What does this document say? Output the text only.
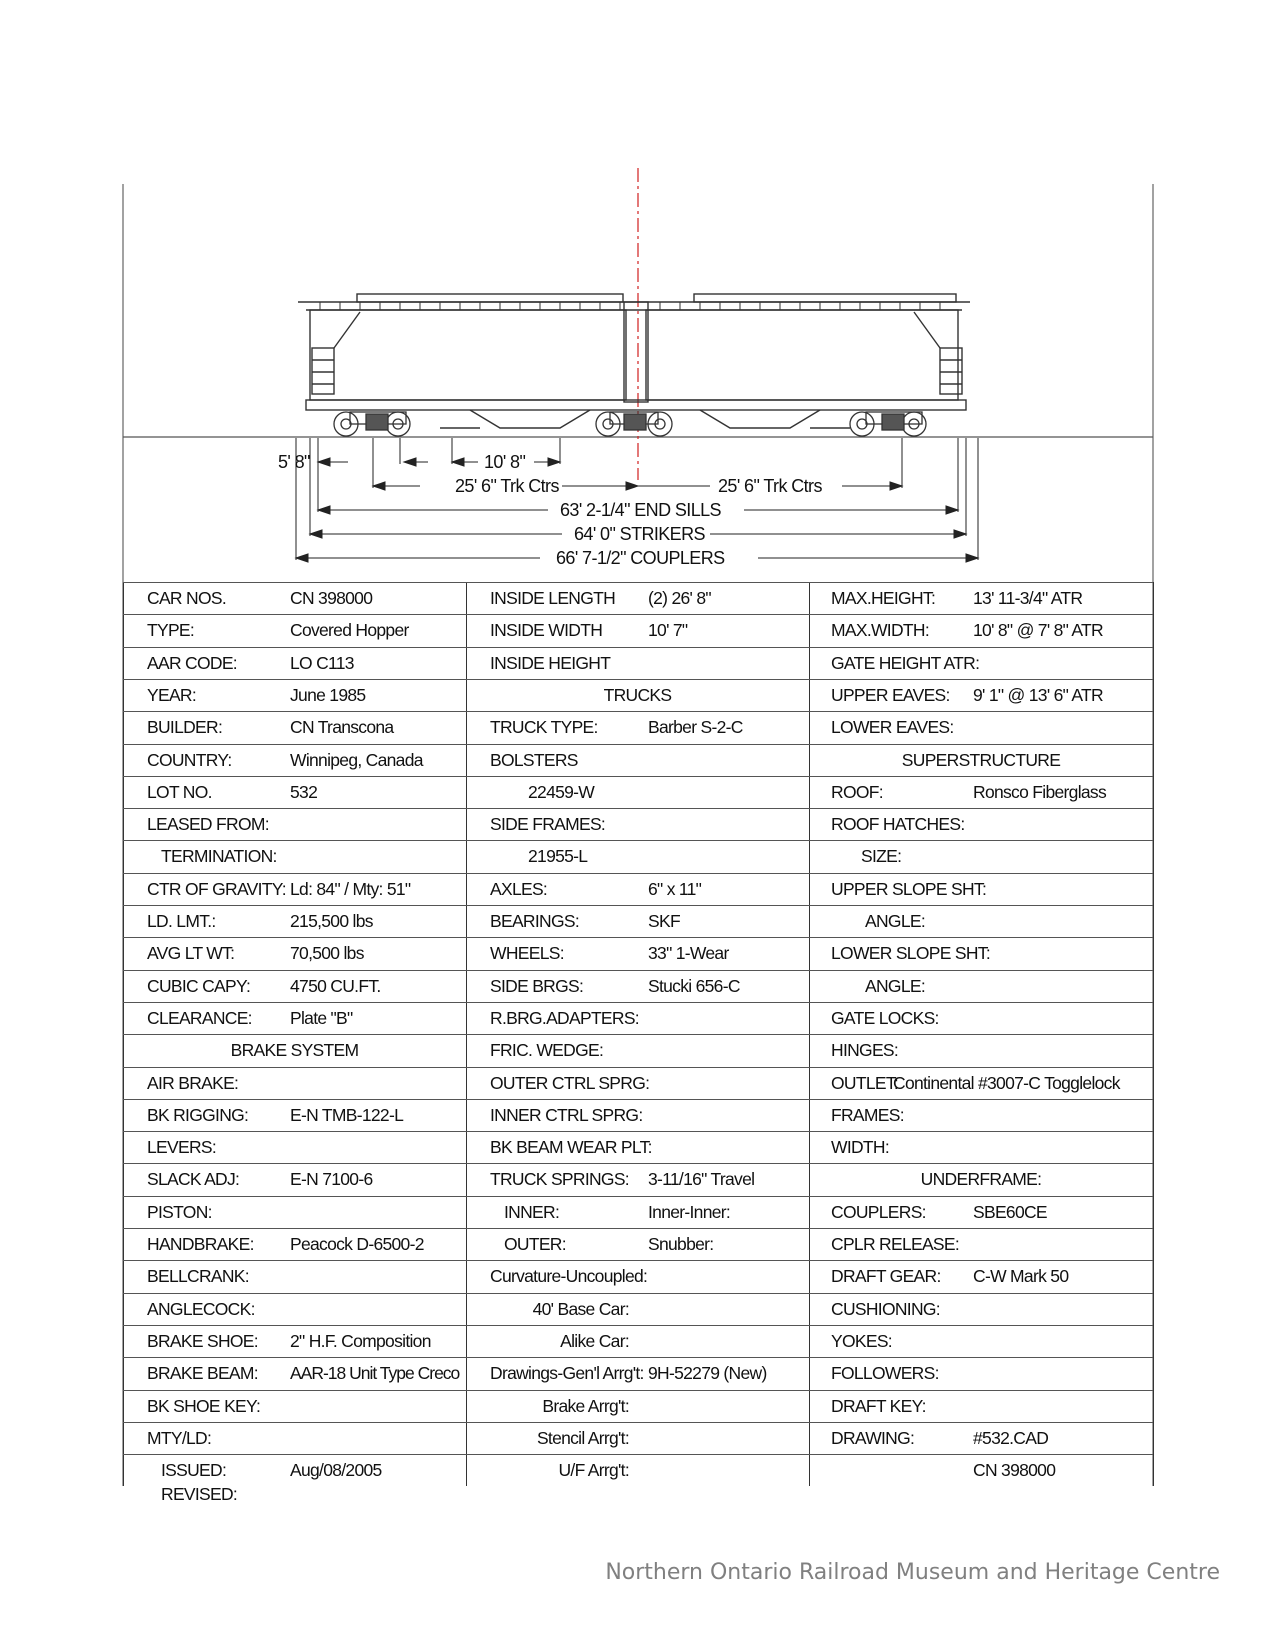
5' 8"	10' 8"
25' 6" Trk Ctrs	25' 6" Trk Ctrs
63' 2-1/4" END SILLS
64' 0" STRIKERS
66' 7-1/2" COUPLERS
CAR NOS.	CN 398000
TYPE:	Covered Hopper
AAR CODE:	LO C113
YEAR:	June 1985
BUILDER:	CN Transcona
COUNTRY:	Winnipeg, Canada
LOT NO.	532
LEASED FROM:
TERMINATION:
CTR OF GRAVITY: Ld: 84" / Mty: 51"
LD. LMT.:	215,500 lbs
AVG LT WT:	70,500 lbs
CUBIC CAPY: 4750 CU.FT.
CLEARANCE: Plate "B"
BRAKE SYSTEM
AIR BRAKE:
BK RIGGING: E-N TMB-122-L
LEVERS:
SLACK ADJ:	E-N 7100-6
PISTON:
HANDBRAKE: Peacock D-6500-2
BELLCRANK:
ANGLECOCK:
BRAKE SHOE: 2" H.F. Composition
BRAKE BEAM: AAR-18 Unit Type Creco
BK SHOE KEY:
MTY/LD:
ISSUED:	Aug/08/2005
REVISED:
INSIDE LENGTH (2) 26' 8"
INSIDE WIDTH	10' 7"
INSIDE HEIGHT
TRUCKS
TRUCK TYPE:	Barber S-2-C
BOLSTERS
22459-W
SIDE FRAMES:
21955-L
AXLES:	6" x 11"
BEARINGS:	SKF
WHEELS:	33" 1-Wear
SIDE BRGS:	Stucki 656-C
R.BRG.ADAPTERS:
FRIC. WEDGE:
OUTER CTRL SPRG:
INNER CTRL SPRG:
BK BEAM WEAR PLT:
TRUCK SPRINGS: 3-11/16" Travel
INNER:	Inner-Inner:
OUTER:	Snubber:
Curvature-Uncoupled:
40' Base Car:
Alike Car:
Drawings-Gen'l Arrg't: 9H-52279 (New)
Brake Arrg't:
Stencil Arrg't:
U/F Arrg't:
MAX.HEIGHT: 13' 11-3/4" ATR
MAX.WIDTH:	10' 8" @ 7' 8" ATR
GATE HEIGHT ATR:
UPPER EAVES: 9' 1" @ 13' 6" ATR
LOWER EAVES:
SUPERSTRUCTURE
ROOF:	Ronsco Fiberglass
ROOF HATCHES:
SIZE:
UPPER SLOPE SHT:
ANGLE:
LOWER SLOPE SHT:
ANGLE:
GATE LOCKS:
HINGES:
OUTLET:
Continental #3007-C Togglelock
FRAMES:
WIDTH:
UNDERFRAME:
COUPLERS:	SBE60CE
CPLR RELEASE:
DRAFT GEAR: C-W Mark 50
CUSHIONING:
YOKES:
FOLLOWERS:
DRAFT KEY:
DRAWING:	#532.CAD
CN 398000
Northern Ontario Railroad Museum and Heritage Centre
